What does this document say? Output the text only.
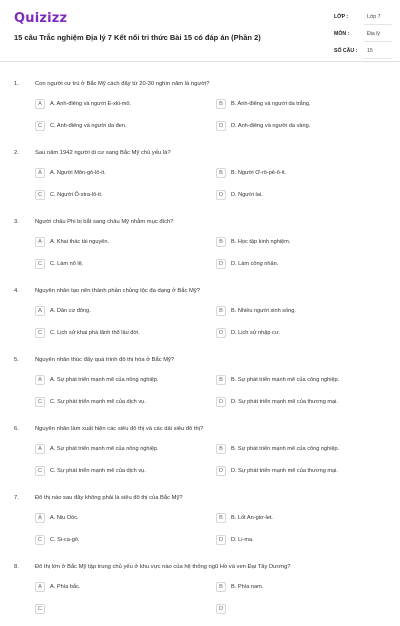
Quizizz
15 câu Trắc nghiệm Địa lý 7 Kết nối tri thức Bài 15 có đáp án (Phần 2)
LỚP :	Lớp 7
MÔN :	Địa lý
SỐ CÂU : 15
1.	Con người cư trú ở Bắc Mỹ cách đây từ 20-30 nghìn năm là người?
A	A. Anh-điêng và người E-xki-mô.	B	B. Anh-điêng và người da trắng.
C	C. Anh-điêng và người da đen.	D	D. Anh-điêng và người da vàng.
2.	Sau năm 1942 người di cư sang Bắc Mỹ chủ yếu là?
A	A. Người Môn-gô-lô-it.	B	B. Người Ơ-rô-pê-ô-it.
C	C. Người Ô-xtra-lô-it.	D	D. Người lai.
3.	Người châu Phi bị bắt sang châu Mỹ nhằm mục đích?
A	A. Khai thác tài nguyên.	B	B. Học tập kinh nghiệm.
C	C. Làm nô lệ.	D	D. Làm công nhân.
4.	Nguyên nhân tạo nên thành phần chủng tộc đa dạng ở Bắc Mỹ?
A	A. Dân cư đông.	B	B. Nhiều người sinh sống.
C	C. Lịch sử khai phá lãnh thổ lâu đời.	D	D. Lịch sử nhập cư.
5.	Nguyên nhân thúc đẩy quá trình đô thị hóa ở Bắc Mỹ?
A	A. Sự phát triển mạnh mẽ của nông nghiệp.	B	B. Sự phát triển mạnh mẽ của công nghiệp.
C	C. Sự phát triển mạnh mẽ của dịch vụ.	D	D. Sự phát triển mạnh mẽ của thương mại.
6.	Nguyên nhân làm xuất hiện các siêu đô thị và các dải siêu đô thị?
A	A. Sự phát triển mạnh mẽ của nông nghiệp.	B	B. Sự phát triển mạnh mẽ của công nghiệp.
C	C. Sự phát triển mạnh mẽ của dịch vụ.	D	D. Sự phát triển mạnh mẽ của thương mại.
7.	Đô thị nào sau đây không phải là siêu đô thị của Bắc Mỹ?
A	A. Niu Oóc.	B	B. Lốt An-giơ-let.
C	C. Si-ca-gô.	D	D. Li-ma.
8.	Đô thị lớn ở Bắc Mỹ tập trung chủ yếu ở khu vực nào của hệ thống ngũ Hồ và ven Đại Tây Dương?
A	A. Phía bắc.	B	B. Phía nam.
C	D
